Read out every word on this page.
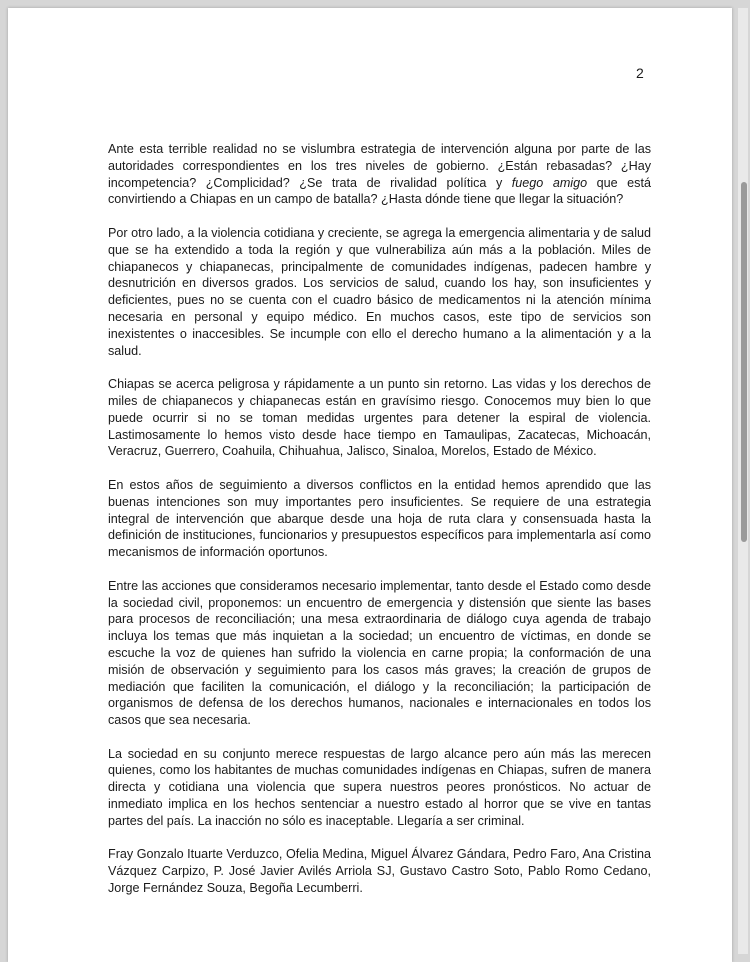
2

Ante esta terrible realidad no se vislumbra estrategia de intervención alguna por parte de las autoridades correspondientes en los tres niveles de gobierno. ¿Están rebasadas? ¿Hay incompetencia? ¿Complicidad? ¿Se trata de rivalidad política y fuego amigo que está convirtiendo a Chiapas en un campo de batalla? ¿Hasta dónde tiene que llegar la situación?

Por otro lado, a la violencia cotidiana y creciente, se agrega la emergencia alimentaria y de salud que se ha extendido a toda la región y que vulnerabiliza aún más a la población. Miles de chiapanecos y chiapanecas, principalmente de comunidades indígenas, padecen hambre y desnutrición en diversos grados. Los servicios de salud, cuando los hay, son insuficientes y deficientes, pues no se cuenta con el cuadro básico de medicamentos ni la atención mínima necesaria en personal y equipo médico. En muchos casos, este tipo de servicios son inexistentes o inaccesibles. Se incumple con ello el derecho humano a la alimentación y a la salud.

Chiapas se acerca peligrosa y rápidamente a un punto sin retorno. Las vidas y los derechos de miles de chiapanecos y chiapanecas están en gravísimo riesgo. Conocemos muy bien lo que puede ocurrir si no se toman medidas urgentes para detener la espiral de violencia. Lastimosamente lo hemos visto desde hace tiempo en Tamaulipas, Zacatecas, Michoacán, Veracruz, Guerrero, Coahuila, Chihuahua, Jalisco, Sinaloa, Morelos, Estado de México.

En estos años de seguimiento a diversos conflictos en la entidad hemos aprendido que las buenas intenciones son muy importantes pero insuficientes. Se requiere de una estrategia integral de intervención que abarque desde una hoja de ruta clara y consensuada hasta la definición de instituciones, funcionarios y presupuestos específicos para implementarla así como mecanismos de información oportunos.

Entre las acciones que consideramos necesario implementar, tanto desde el Estado como desde la sociedad civil, proponemos: un encuentro de emergencia y distensión que siente las bases para procesos de reconciliación; una mesa extraordinaria de diálogo cuya agenda de trabajo incluya los temas que más inquietan a la sociedad; un encuentro de víctimas, en donde se escuche la voz de quienes han sufrido la violencia en carne propia; la conformación de una misión de observación y seguimiento para los casos más graves; la creación de grupos de mediación que faciliten la comunicación, el diálogo y la reconciliación; la participación de organismos de defensa de los derechos humanos, nacionales e internacionales en todos los casos que sea necesaria.

La sociedad en su conjunto merece respuestas de largo alcance pero aún más las merecen quienes, como los habitantes de muchas comunidades indígenas en Chiapas, sufren de manera directa y cotidiana una violencia que supera nuestros peores pronósticos. No actuar de inmediato implica en los hechos sentenciar a nuestro estado al horror que se vive en tantas partes del país. La inacción no sólo es inaceptable. Llegaría a ser criminal.

Fray Gonzalo Ituarte Verduzco, Ofelia Medina, Miguel Álvarez Gándara, Pedro Faro, Ana Cristina Vázquez Carpizo, P. José Javier Avilés Arriola SJ, Gustavo Castro Soto, Pablo Romo Cedano, Jorge Fernández Souza, Begoña Lecumberri.
